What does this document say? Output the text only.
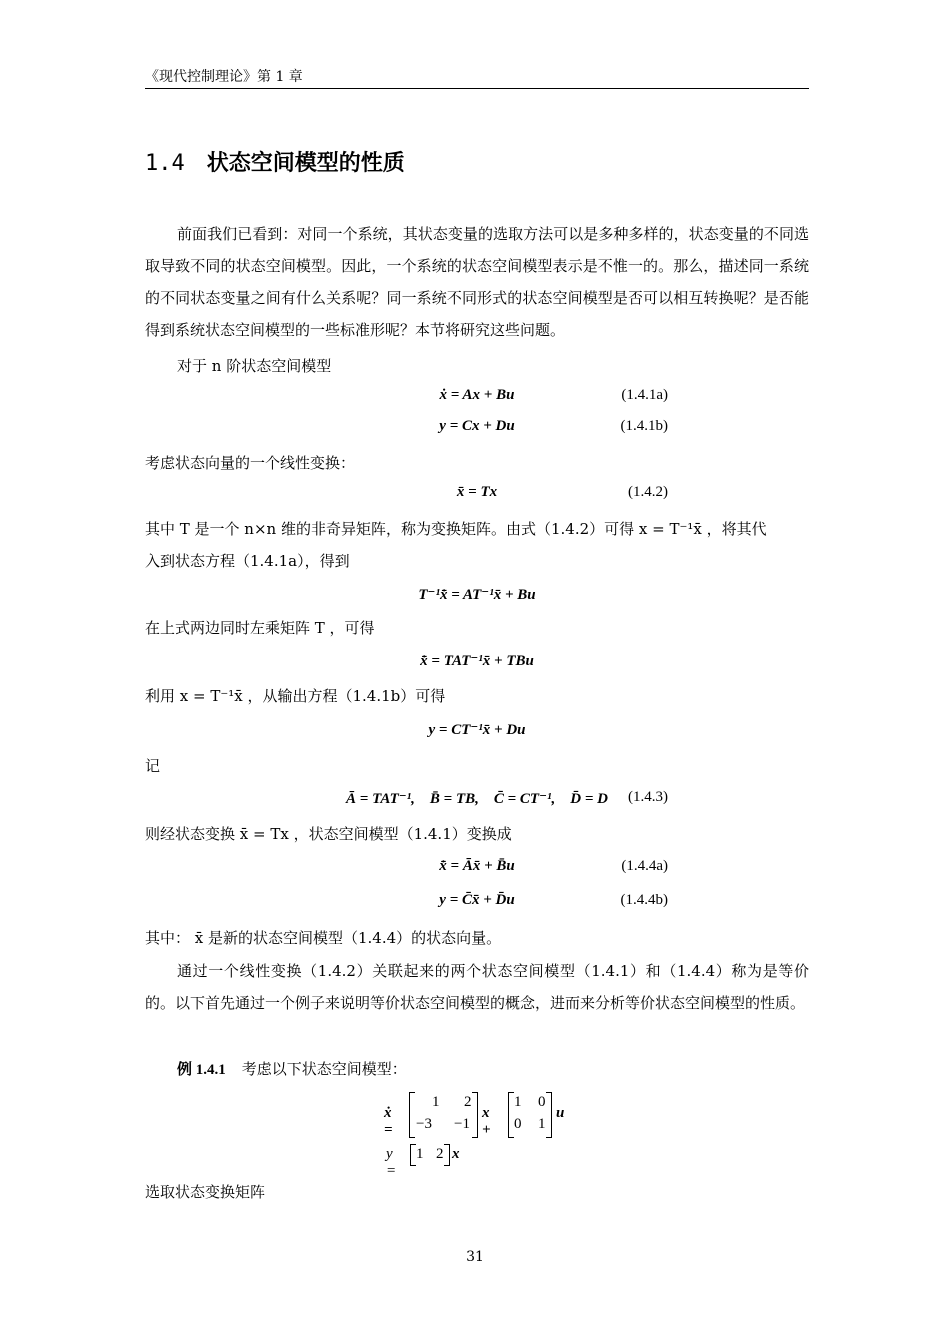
《现代控制理论》第 1 章
1.4 状态空间模型的性质
前面我们已看到：对同一个系统，其状态变量的选取方法可以是多种多样的，状态变量的不同选取导致不同的状态空间模型。因此，一个系统的状态空间模型表示是不惟一的。那么，描述同一系统的不同状态变量之间有什么关系呢？同一系统不同形式的状态空间模型是否可以相互转换呢？是否能得到系统状态空间模型的一些标准形呢？本节将研究这些问题。
对于 n 阶状态空间模型
ẋ = Ax + Bu	(1.4.1a)
y = Cx + Du	(1.4.1b)
考虑状态向量的一个线性变换：
x̄ = Tx	(1.4.2)
其中 T 是一个 n×n 维的非奇异矩阵，称为变换矩阵。由式（1.4.2）可得 x = T⁻¹x̄ ，将其代
入到状态方程（1.4.1a），得到
T⁻¹x̄̇ = AT⁻¹x̄ + Bu
在上式两边同时左乘矩阵 T ，可得
x̄̇ = TAT⁻¹x̄ + TBu
利用 x = T⁻¹x̄ ，从输出方程（1.4.1b）可得
y = CT⁻¹x̄ + Du
记
Ā = TAT⁻¹,    B̄ = TB,    C̄ = CT⁻¹,    D̄ = D (1.4.3)
则经状态变换 x̄ = Tx ，状态空间模型（1.4.1）变换成
x̄̇ = Āx̄ + B̄u	(1.4.4a)
y = C̄x̄ + D̄u	(1.4.4b)
其中： x̄ 是新的状态空间模型（1.4.4）的状态向量。
通过一个线性变换（1.4.2）关联起来的两个状态空间模型（1.4.1）和（1.4.4）称为是等价的。以下首先通过一个例子来说明等价状态空间模型的概念，进而来分析等价状态空间模型的性质。
例 1.4.1 考虑以下状态空间模型：
ẋ =
1 2
−3 −1
x +
1 0
0 1
u
y =
1 2 x
选取状态变换矩阵
31
